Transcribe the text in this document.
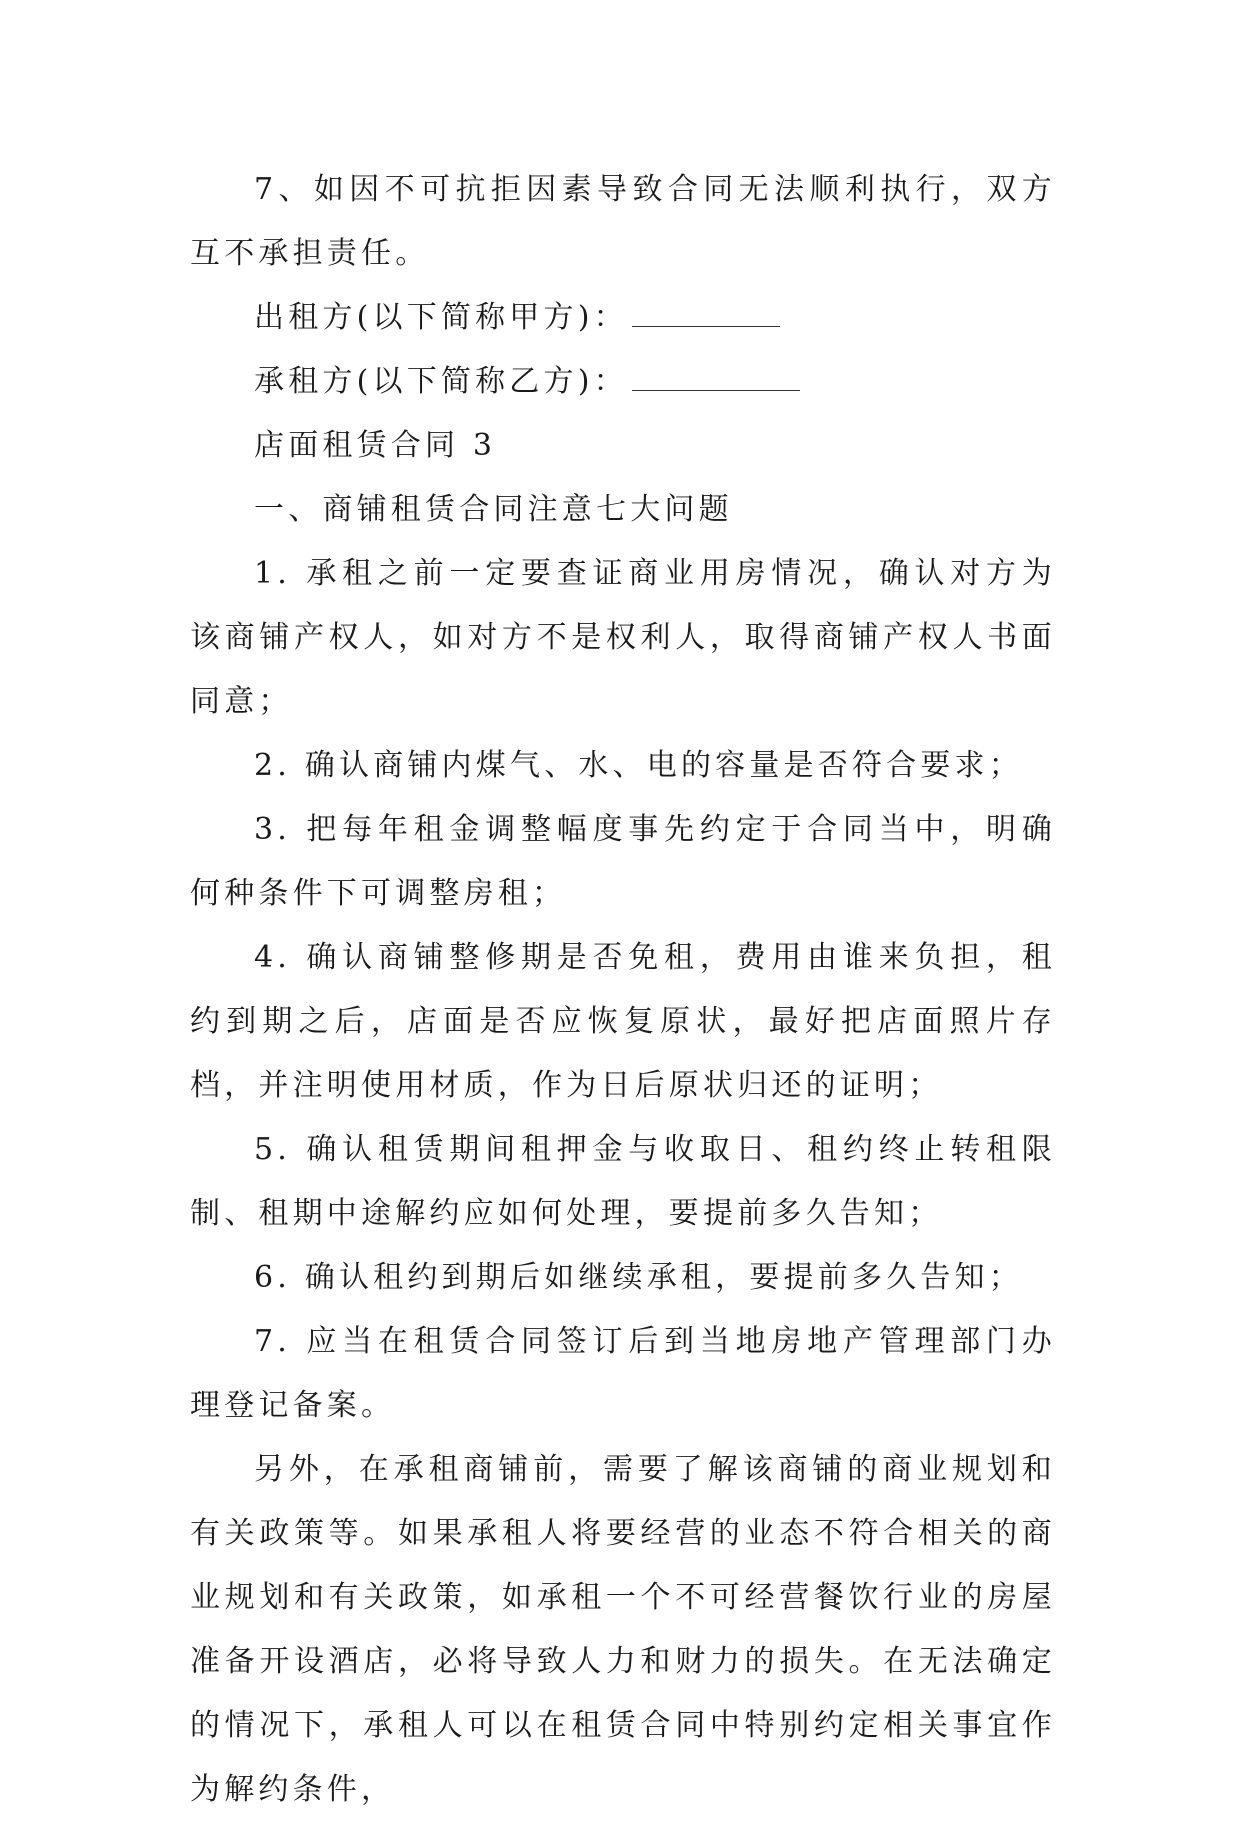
7、如因不可抗拒因素导致合同无法顺利执行，双方互不承担责任。

出租方(以下简称甲方)：

承租方(以下简称乙方)：

店面租赁合同 3

一、商铺租赁合同注意七大问题

1. 承租之前一定要查证商业用房情况，确认对方为该商铺产权人，如对方不是权利人，取得商铺产权人书面同意；

2. 确认商铺内煤气、水、电的容量是否符合要求；

3. 把每年租金调整幅度事先约定于合同当中，明确何种条件下可调整房租；

4. 确认商铺整修期是否免租，费用由谁来负担，租约到期之后，店面是否应恢复原状，最好把店面照片存档，并注明使用材质，作为日后原状归还的证明；

5. 确认租赁期间租押金与收取日、租约终止转租限制、租期中途解约应如何处理，要提前多久告知；

6. 确认租约到期后如继续承租，要提前多久告知；

7. 应当在租赁合同签订后到当地房地产管理部门办理登记备案。

另外，在承租商铺前，需要了解该商铺的商业规划和有关政策等。如果承租人将要经营的业态不符合相关的商业规划和有关政策，如承租一个不可经营餐饮行业的房屋准备开设酒店，必将导致人力和财力的损失。在无法确定的情况下，承租人可以在租赁合同中特别约定相关事宜作为解约条件，
